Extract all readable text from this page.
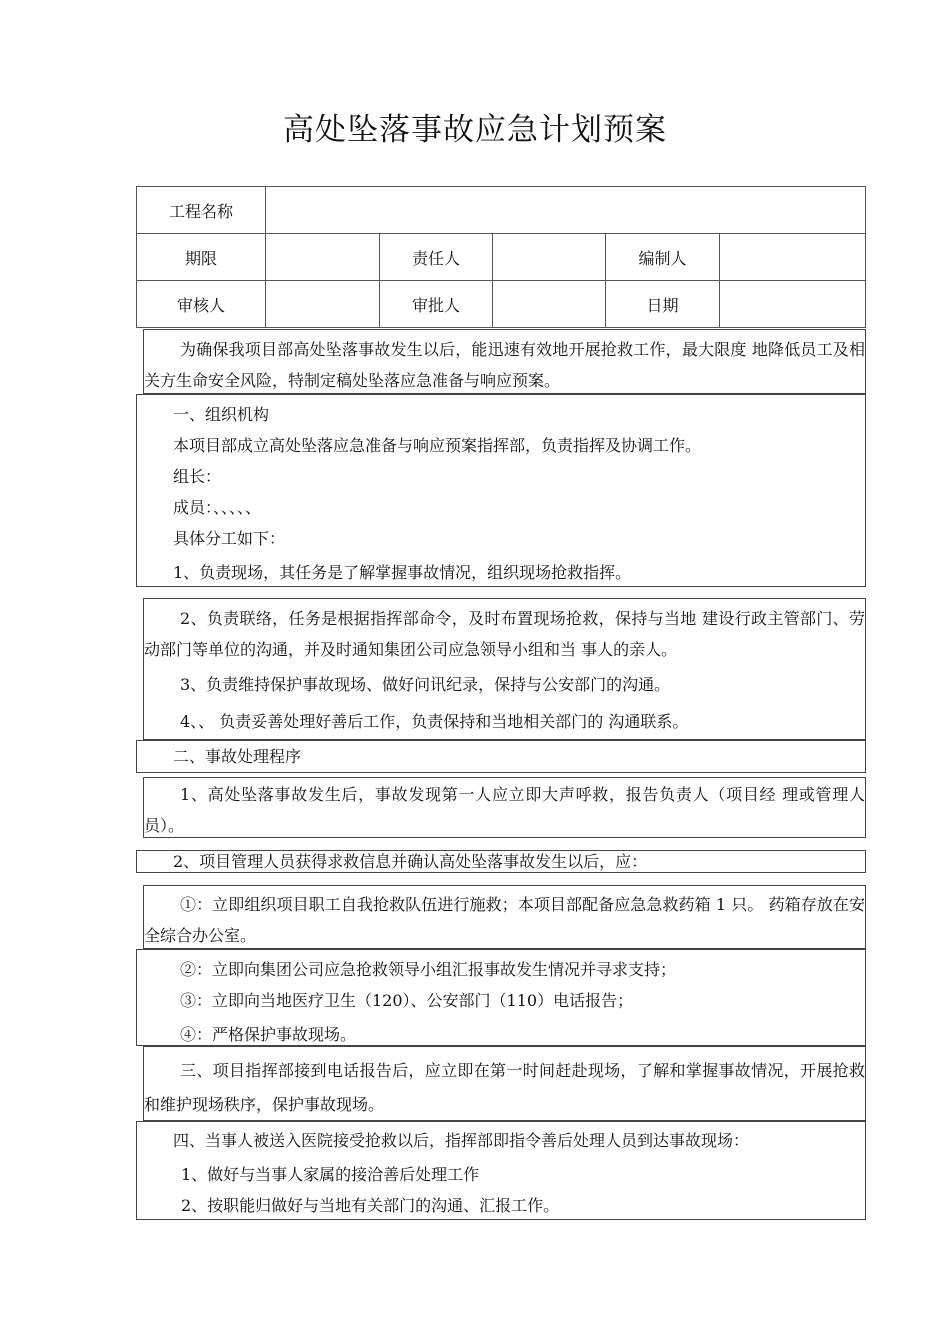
高处坠落事故应急计划预案
工程名称					
期限		责任人		编制人	
审核人		审批人		日期	

为确保我项目部高处坠落事故发生以后，能迅速有效地开展抢救工作，最大限度 地降低员工及相关方生命安全风险，特制定稿处坠落应急准备与响应预案。

一、组织机构

本项目部成立高处坠落应急准备与响应预案指挥部，负责指挥及协调工作。

组长：

成员：、、、、、

具体分工如下：

1、负责现场，其任务是了解掌握事故情况，组织现场抢救指挥。

2、负责联络，任务是根据指挥部命令，及时布置现场抢救，保持与当地 建设行政主管部门、劳动部门等单位的沟通，并及时通知集团公司应急领导小组和当 事人的亲人。

3、负责维持保护事故现场、做好问讯纪录，保持与公安部门的沟通。

4、、 负责妥善处理好善后工作，负责保持和当地相关部门的 沟通联系。

二、事故处理程序

1、高处坠落事故发生后，事故发现第一人应立即大声呼救，报告负责人（项目经 理或管理人员）。

2、项目管理人员获得求救信息并确认高处坠落事故发生以后，应：

①：立即组织项目职工自我抢救队伍进行施救；本项目部配备应急急救药箱 1 只。 药箱存放在安全综合办公室。

②：立即向集团公司应急抢救领导小组汇报事故发生情况并寻求支持；

③：立即向当地医疗卫生（120）、公安部门（110）电话报告；

④：严格保护事故现场。

三、项目指挥部接到电话报告后，应立即在第一时间赶赴现场，了解和掌握事故情况，开展抢救和维护现场秩序，保护事故现场。

四、当事人被送入医院接受抢救以后，指挥部即指令善后处理人员到达事故现场：

1、做好与当事人家属的接洽善后处理工作

2、按职能归做好与当地有关部门的沟通、汇报工作。
